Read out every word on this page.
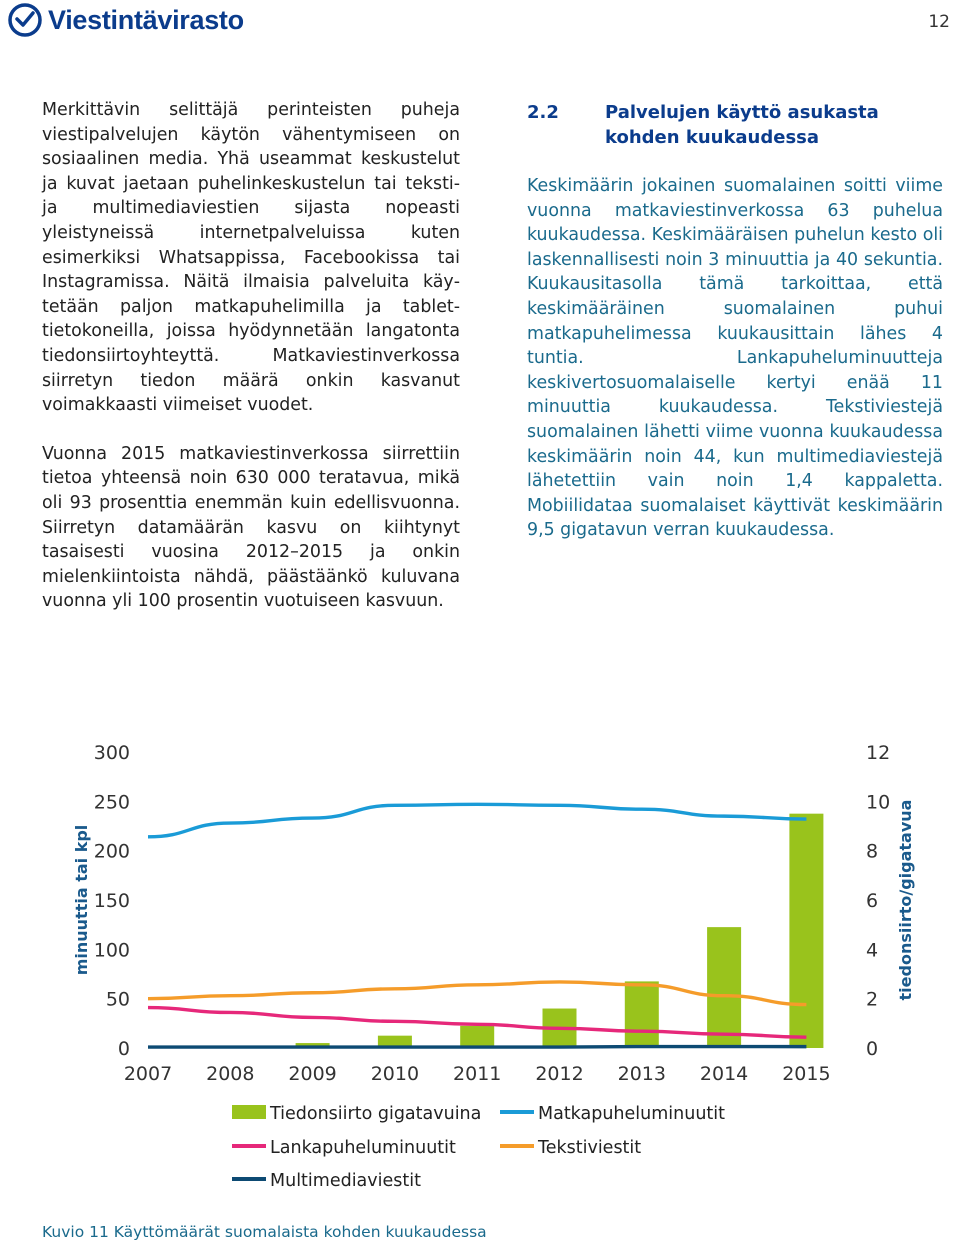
Viestintävirasto	12

Merkittävin selittäjä perinteisten puheja viestipalvelujen käytön vähentymiseen on sosiaalinen media. Yhä useammat keskustelut ja kuvat jaetaan puhelinkeskustelun tai teksti- ja multimediaviestien sijasta nopeasti yleistyneissä internetpalveluissa kuten esimerkiksi Whatsappissa, Facebookissa tai Instagramissa. Näitä ilmaisia palveluita käytetään paljon matkapuhelimilla ja tablet-tietokoneilla, joissa hyödynnetään langatonta tiedonsiirtoyhteyttä. Matkaviestinverkossa siirretyn tiedon määrä onkin kasvanut voimakkaasti viimeiset vuodet.

Vuonna 2015 matkaviestinverkossa siirrettiin tietoa yhteensä noin 630 000 teratavua, mikä oli 93 prosenttia enemmän kuin edellisvuonna. Siirretyn datamäärän kasvu on kiihtynyt tasaisesti vuosina 2012–2015 ja onkin mielenkiintoista nähdä, päästäänkö kuluvana vuonna yli 100 prosentin vuotuiseen kasvuun.

2.2	Palvelujen käyttö asukasta kohden kuukaudessa

Keskimäärin jokainen suomalainen soitti viime vuonna matkaviestinverkossa 63 puhelua kuukaudessa. Keskimääräisen puhelun kesto oli laskennallisesti noin 3 minuuttia ja 40 sekuntia. Kuukausitasolla tämä tarkoittaa, että keskimääräinen suomalainen puhui matkapuhelimessa kuukausittain lähes 4 tuntia. Lankapuheluminuutteja keskivertosuomalaiselle kertyi enää 11 minuuttia kuukaudessa. Tekstiviestejä suomalainen lähetti viime vuonna kuukaudessa keskimäärin noin 44, kun multimediaviestejä lähetettiin vain noin 1,4 kappaletta. Mobiilidataa suomalaiset käyttivät keskimäärin 9,5 gigatavun verran kuukaudessa.

0
50
100
150
200
250
300
0
2
4
6
8
10
12
minuuttia tai kpl	tiedonsiirto/gigatavua
2007 2008 2009 2010 2011 2012 2013 2014 2015
Tiedonsiirto gigatavuina	Matkapuheluminuutit
Lankapuheluminuutit	Tekstiviestit
Multimediaviestit
Kuvio 11 Käyttömäärät suomalaista kohden kuukaudessa
